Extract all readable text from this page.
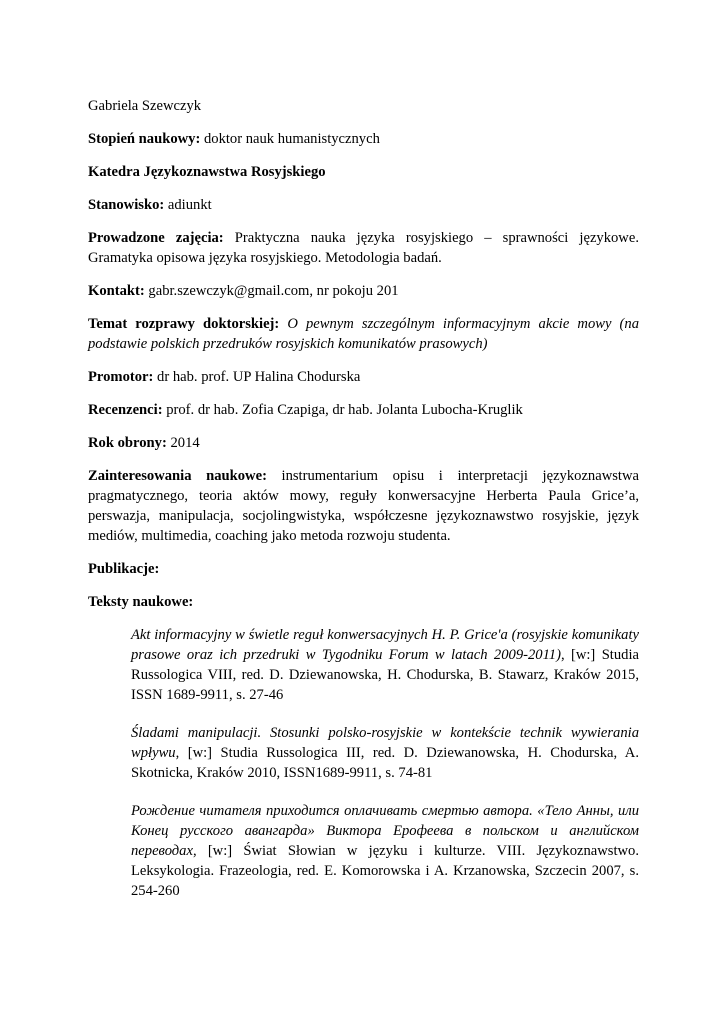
Gabriela Szewczyk

Stopień naukowy: doktor nauk humanistycznych

Katedra Językoznawstwa Rosyjskiego

Stanowisko: adiunkt

Prowadzone zajęcia: Praktyczna nauka języka rosyjskiego – sprawności językowe. Gramatyka opisowa języka rosyjskiego. Metodologia badań.

Kontakt: gabr.szewczyk@gmail.com, nr pokoju 201

Temat rozprawy doktorskiej: O pewnym szczególnym informacyjnym akcie mowy (na podstawie polskich przedruków rosyjskich komunikatów prasowych)

Promotor: dr hab. prof. UP Halina Chodurska

Recenzenci: prof. dr hab. Zofia Czapiga, dr hab. Jolanta Lubocha-Kruglik

Rok obrony: 2014

Zainteresowania naukowe: instrumentarium opisu i interpretacji językoznawstwa pragmatycznego, teoria aktów mowy, reguły konwersacyjne Herberta Paula Grice’a, perswazja, manipulacja, socjolingwistyka, współczesne językoznawstwo rosyjskie, język mediów, multimedia, coaching jako metoda rozwoju studenta.

Publikacje:

Teksty naukowe:

Akt informacyjny w świetle reguł konwersacyjnych H. P. Grice'a (rosyjskie komunikaty prasowe oraz ich przedruki w Tygodniku Forum w latach 2009-2011), [w:] Studia Russologica VIII, red. D. Dziewanowska, H. Chodurska, B. Stawarz, Kraków 2015, ISSN 1689-9911, s. 27-46
Śladami manipulacji. Stosunki polsko-rosyjskie w kontekście technik wywierania wpływu, [w:] Studia Russologica III, red. D. Dziewanowska, H. Chodurska, A. Skotnicka, Kraków 2010, ISSN1689-9911, s. 74-81
Рождение читателя приходится оплачивать смертью автора. «Тело Анны, или Конец русского авангарда» Виктора Ерофеева в польском и английском переводах, [w:] Świat Słowian w języku i kulturze. VIII. Językoznawstwo. Leksykologia. Frazeologia, red. E. Komorowska i A. Krzanowska, Szczecin 2007, s. 254-260
